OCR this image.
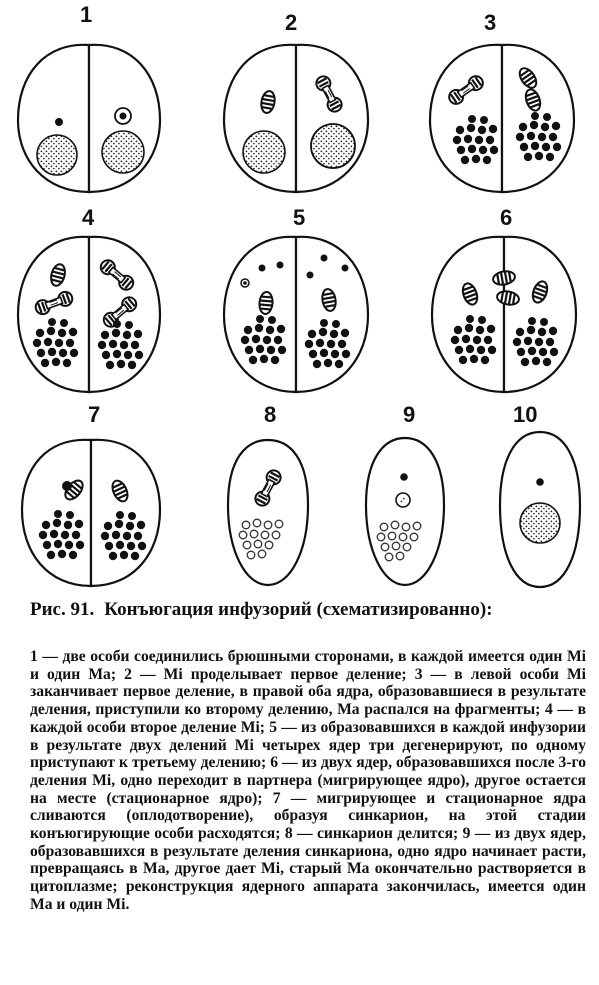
1	2	3
4	5	6
7	8	9	10

Рис. 91. Конъюгация инфузорий (схематизированно):

1 — две особи соединились брюшными сторонами, в каждой имеется один Mi и один Ma; 2 — Mi проделывает первое деление; 3 — в левой особи Mi заканчивает первое деление, в правой оба ядра, образовавшиеся в результате деления, приступили ко второму делению, Ma распался на фрагменты; 4 — в каждой особи второе деление Mi; 5 — из образовавшихся в каждой инфузории в результате двух делений Mi четырех ядер три дегенерируют, по одному приступают к третьему делению; 6 — из двух ядер, образовавшихся после 3-го деления Mi, одно переходит в партнера (мигрирующее ядро), другое остается на месте (стационарное ядро); 7 — мигрирующее и стационарное ядра сливаются (оплодотворение), образуя синкарион, на этой стадии конъюгирующие особи расходятся; 8 — синкарион делится; 9 — из двух ядер, образовавшихся в результате деления синкариона, одно ядро начинает расти, превращаясь в Ma, другое дает Mi, старый Ma окончательно растворяется в цитоплазме; реконструкция ядерного аппарата закончилась, имеется один Ma и один Mi.
